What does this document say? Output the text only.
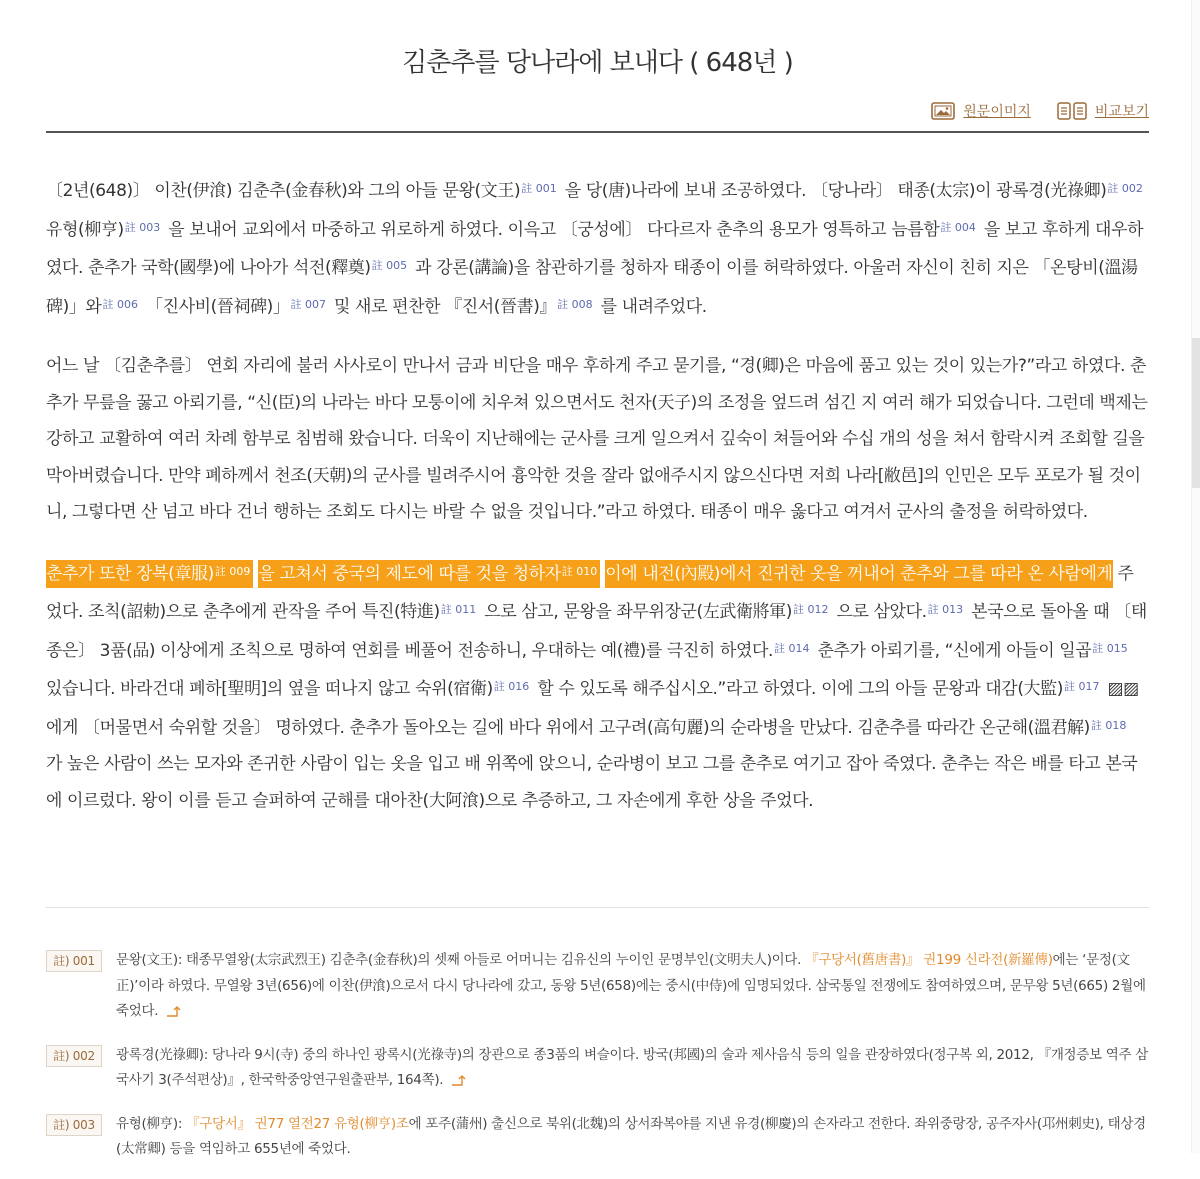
김춘추를 당나라에 보내다 ( 648년 )
원문이미지	비교보기

〔2년(648)〕 이찬(伊湌) 김춘추(金春秋)와 그의 아들 문왕(文王)$^{註 001}$ 을 당(唐)나라에 보내 조공하였다. 〔당나라〕 태종(太宗)이 광록경(光祿卿)$^{註 002}$ 유형(柳亨)$^{註 003}$ 을 보내어 교외에서 마중하고 위로하게 하였다. 이윽고 〔궁성에〕 다다르자 춘추의 용모가 영특하고 늠름함$^{註 004}$ 을 보고 후하게 대우하였다. 춘추가 국학(國學)에 나아가 석전(釋奠)$^{註 005}$ 과 강론(講論)을 참관하기를 청하자 태종이 이를 허락하였다. 아울러 자신이 친히 지은 「온탕비(溫湯碑)」와$^{註 006}$ 「진사비(晉祠碑)」$^{註 007}$ 및 새로 편찬한 『진서(晉書)』$^{註 008}$ 를 내려주었다.

어느 날 〔김춘추를〕 연회 자리에 불러 사사로이 만나서 금과 비단을 매우 후하게 주고 묻기를, “경(卿)은 마음에 품고 있는 것이 있는가?”라고 하였다. 춘추가 무릎을 꿇고 아뢰기를, “신(臣)의 나라는 바다 모퉁이에 치우쳐 있으면서도 천자(天子)의 조정을 엎드려 섬긴 지 여러 해가 되었습니다. 그런데 백제는 강하고 교활하여 여러 차례 함부로 침범해 왔습니다. 더욱이 지난해에는 군사를 크게 일으켜서 깊숙이 쳐들어와 수십 개의 성을 쳐서 함락시켜 조회할 길을 막아버렸습니다. 만약 폐하께서 천조(天朝)의 군사를 빌려주시어 흉악한 것을 잘라 없애주시지 않으신다면 저희 나라[敝邑]의 인민은 모두 포로가 될 것이니, 그렇다면 산 넘고 바다 건너 행하는 조회도 다시는 바랄 수 없을 것입니다.”라고 하였다. 태종이 매우 옳다고 여겨서 군사의 출정을 허락하였다.

춘추가 또한 장복(章服)$^{註 009}$ 을 고쳐서 중국의 제도에 따를 것을 청하자$^{註 010}$ 이에 내전(內殿)에서 진귀한 옷을 꺼내어 춘추와 그를 따라 온 사람에게 주었다. 조칙(詔勅)으로 춘추에게 관작을 주어 특진(特進)$^{註 011}$ 으로 삼고, 문왕을 좌무위장군(左武衛將軍)$^{註 012}$ 으로 삼았다.$^{註 013}$ 본국으로 돌아올 때 〔태종은〕 3품(品) 이상에게 조칙으로 명하여 연회를 베풀어 전송하니, 우대하는 예(禮)를 극진히 하였다.$^{註 014}$ 춘추가 아뢰기를, “신에게 아들이 일곱$^{註 015}$ 있습니다. 바라건대 폐하[聖明]의 옆을 떠나지 않고 숙위(宿衛)$^{註 016}$ 할 수 있도록 해주십시오.”라고 하였다. 이에 그의 아들 문왕과 대감(大監)$^{註 017}$ ▨▨에게 〔머물면서 숙위할 것을〕 명하였다. 춘추가 돌아오는 길에 바다 위에서 고구려(高句麗)의 순라병을 만났다. 김춘추를 따라간 온군해(溫君解)$^{註 018}$ 가 높은 사람이 쓰는 모자와 존귀한 사람이 입는 옷을 입고 배 위쪽에 앉으니, 순라병이 보고 그를 춘추로 여기고 잡아 죽였다. 춘추는 작은 배를 타고 본국에 이르렀다. 왕이 이를 듣고 슬퍼하여 군해를 대아찬(大阿湌)으로 추증하고, 그 자손에게 후한 상을 주었다.

註) 001	문왕(文王): 태종무열왕(太宗武烈王) 김춘추(金春秋)의 셋째 아들로 어머니는 김유신의 누이인 문명부인(文明夫人)이다. 『구당서(舊唐書)』 권199 신라전(新羅傳)에는 ‘문정(文正)’이라 하였다. 무열왕 3년(656)에 이찬(伊湌)으로서 다시 당나라에 갔고, 동왕 5년(658)에는 중시(中侍)에 임명되었다. 삼국통일 전쟁에도 참여하였으며, 문무왕 5년(665) 2월에 죽었다.
註) 002	광록경(光祿卿): 당나라 9시(寺) 중의 하나인 광록시(光祿寺)의 장관으로 종3품의 벼슬이다. 방국(邦國)의 술과 제사음식 등의 일을 관장하였다(정구복 외, 2012, 『개정증보 역주 삼국사기 3(주석편상)』, 한국학중앙연구원출판부, 164쪽).
註) 003	유형(柳亨): 『구당서』 권77 열전27 유형(柳亨)조에 포주(蒲州) 출신으로 북위(北魏)의 상서좌복야를 지낸 유경(柳慶)의 손자라고 전한다. 좌위중랑장, 공주자사(邛州刺史), 태상경(太常卿) 등을 역임하고 655년에 죽었다.
